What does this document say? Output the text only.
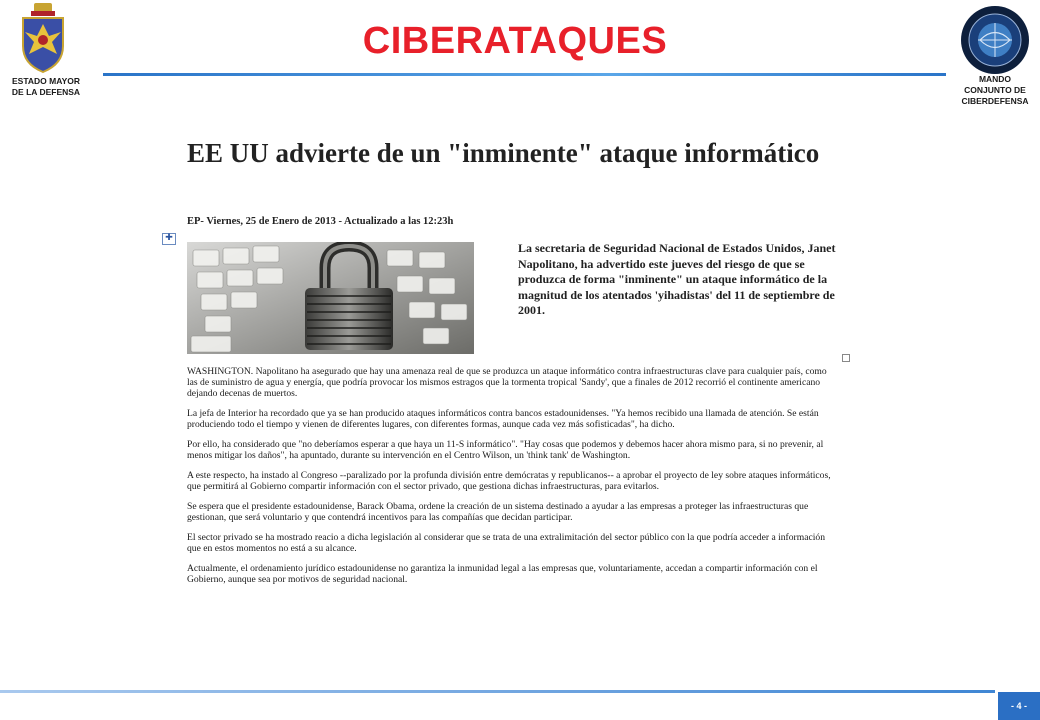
ESTADO MAYOR
DE LA DEFENSA
CIBERATAQUES
MANDO
CONJUNTO DE
CIBERDEFENSA
EE UU advierte de un "inminente" ataque informático
EP- Viernes, 25 de Enero de 2013 - Actualizado a las 12:23h
✚
La secretaria de Seguridad Nacional de Estados Unidos, Janet Napolitano, ha advertido este jueves del riesgo de que se produzca de forma "inminente" un ataque informático de la magnitud de los atentados 'yihadistas' del 11 de septiembre de 2001.

WASHINGTON. Napolitano ha asegurado que hay una amenaza real de que se produzca un ataque informático contra infraestructuras clave para cualquier país, como las de suministro de agua y energía, que podría provocar los mismos estragos que la tormenta tropical 'Sandy', que a finales de 2012 recorrió el continente americano dejando decenas de muertos.

La jefa de Interior ha recordado que ya se han producido ataques informáticos contra bancos estadounidenses. "Ya hemos recibido una llamada de atención. Se están produciendo todo el tiempo y vienen de diferentes lugares, con diferentes formas, aunque cada vez más sofisticadas", ha dicho.

Por ello, ha considerado que "no deberíamos esperar a que haya un 11-S informático". "Hay cosas que podemos y debemos hacer ahora mismo para, si no prevenir, al menos mitigar los daños", ha apuntado, durante su intervención en el Centro Wilson, un 'think tank' de Washington.

A este respecto, ha instado al Congreso --paralizado por la profunda división entre demócratas y republicanos-- a aprobar el proyecto de ley sobre ataques informáticos, que permitirá al Gobierno compartir información con el sector privado, que gestiona dichas infraestructuras, para evitarlos.

Se espera que el presidente estadounidense, Barack Obama, ordene la creación de un sistema destinado a ayudar a las empresas a proteger las infraestructuras que gestionan, que será voluntario y que contendrá incentivos para las compañías que decidan participar.

El sector privado se ha mostrado reacio a dicha legislación al considerar que se trata de una extralimitación del sector público con la que podría acceder a información que en estos momentos no está a su alcance.

Actualmente, el ordenamiento jurídico estadounidense no garantiza la inmunidad legal a las empresas que, voluntariamente, accedan a compartir información con el Gobierno, aunque sea por motivos de seguridad nacional.

- 4 -
